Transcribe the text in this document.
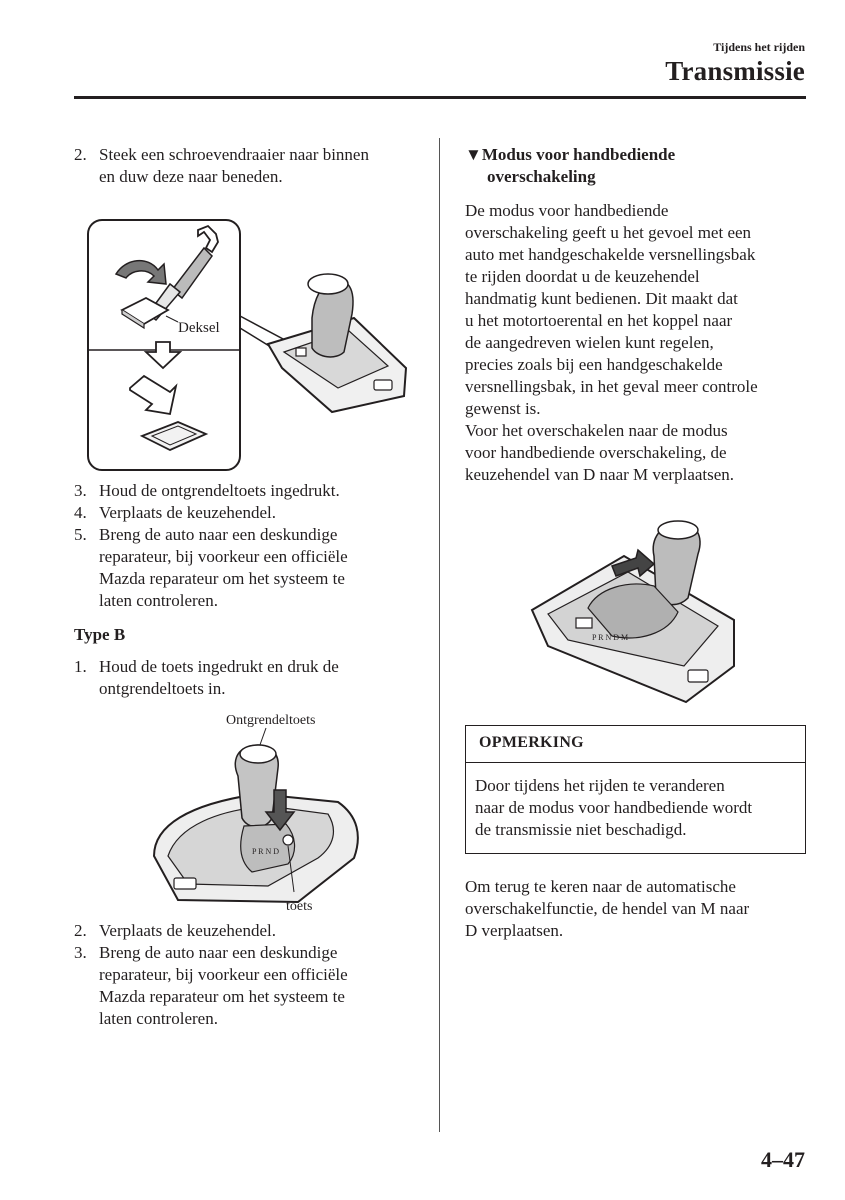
Tijdens het rijden
Transmissie
2. Steek een schroevendraaier naar binnen
en duw deze naar beneden.
Deksel
3. Houd de ontgrendeltoets ingedrukt.
4. Verplaats de keuzehendel.
5. Breng de auto naar een deskundige
reparateur, bij voorkeur een officiële
Mazda reparateur om het systeem te
laten controleren.
Type B
1. Houd de toets ingedrukt en druk de
ontgrendeltoets in.
Ontgrendeltoets
P R N D
toets
2. Verplaats de keuzehendel.
3. Breng de auto naar een deskundige
reparateur, bij voorkeur een officiële
Mazda reparateur om het systeem te
laten controleren.
▼Modus voor handbediende
overschakeling
De modus voor handbediende
overschakeling geeft u het gevoel met een
auto met handgeschakelde versnellingsbak
te rijden doordat u de keuzehendel
handmatig kunt bedienen. Dit maakt dat
u het motortoerental en het koppel naar
de aangedreven wielen kunt regelen,
precies zoals bij een handgeschakelde
versnellingsbak, in het geval meer controle
gewenst is.
Voor het overschakelen naar de modus
voor handbediende overschakeling, de
keuzehendel van D naar M verplaatsen.
P R N D M
OPMERKING
Door tijdens het rijden te veranderen
naar de modus voor handbediende wordt
de transmissie niet beschadigd.
Om terug te keren naar de automatische
overschakelfunctie, de hendel van M naar
D verplaatsen.
4–47
